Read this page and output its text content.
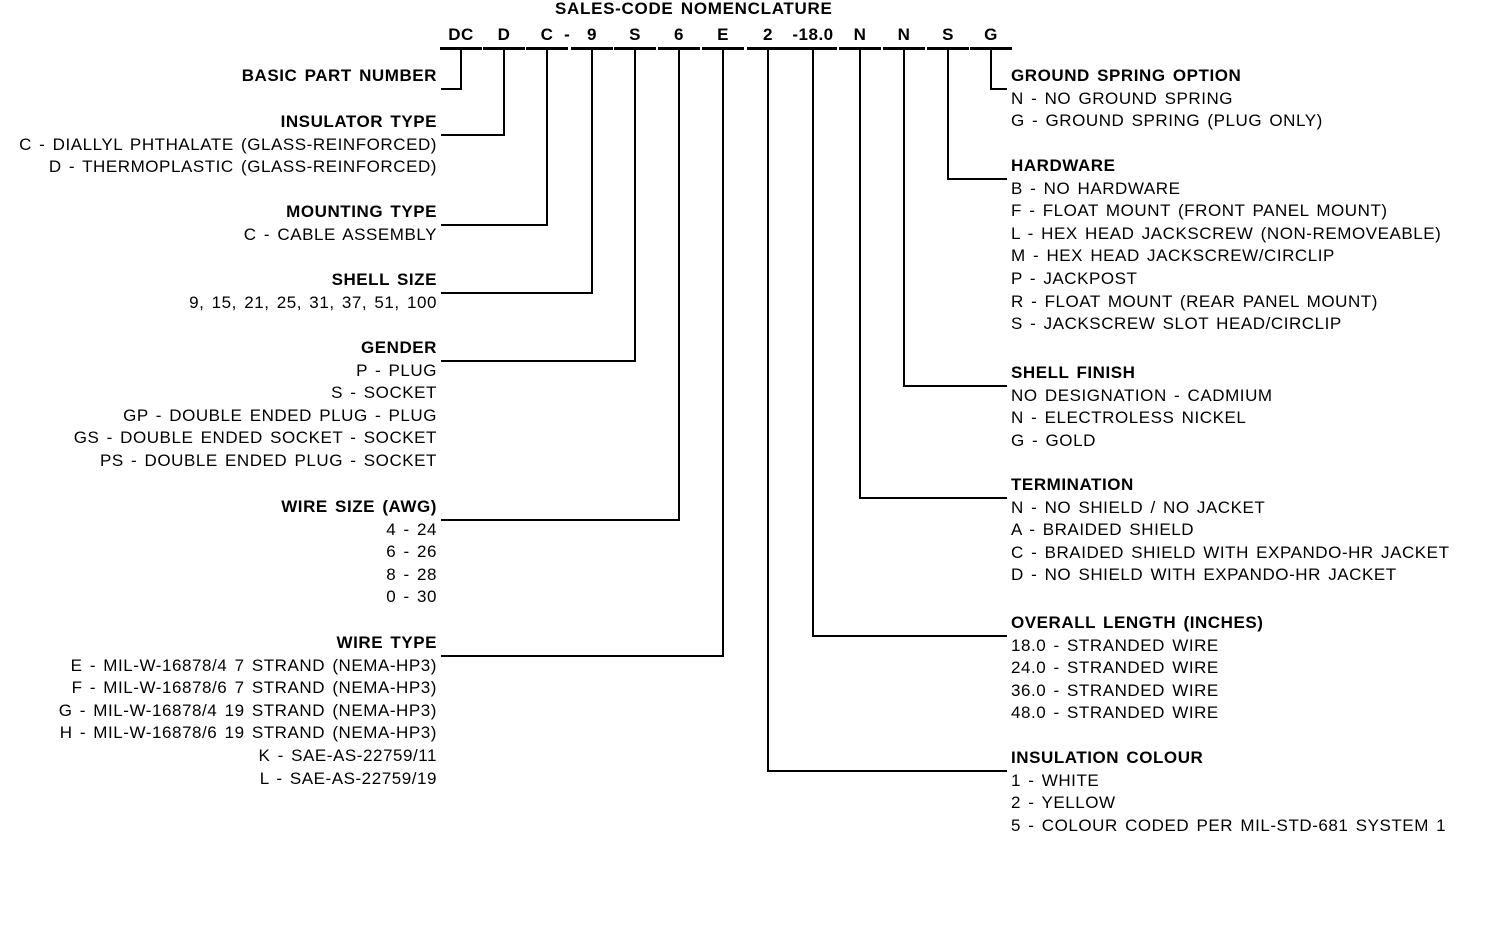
SALES-CODE NOMENCLATURE
DC	D	C -	9	S	6	E	2	-18.0	N	N	S	G
BASIC PART NUMBER
INSULATOR TYPE
C - DIALLYL PHTHALATE (GLASS-REINFORCED)
D - THERMOPLASTIC (GLASS-REINFORCED)
MOUNTING TYPE
C - CABLE ASSEMBLY
SHELL SIZE
9, 15, 21, 25, 31, 37, 51, 100
GENDER
P - PLUG
S - SOCKET
GP - DOUBLE ENDED PLUG - PLUG
GS - DOUBLE ENDED SOCKET - SOCKET
PS - DOUBLE ENDED PLUG - SOCKET
WIRE SIZE (AWG)
4 - 24
6 - 26
8 - 28
0 - 30
WIRE TYPE
E - MIL-W-16878/4 7 STRAND (NEMA-HP3)
F - MIL-W-16878/6 7 STRAND (NEMA-HP3)
G - MIL-W-16878/4 19 STRAND (NEMA-HP3)
H - MIL-W-16878/6 19 STRAND (NEMA-HP3)
K - SAE-AS-22759/11
L - SAE-AS-22759/19
GROUND SPRING OPTION
N - NO GROUND SPRING
G - GROUND SPRING (PLUG ONLY)
HARDWARE
B - NO HARDWARE
F - FLOAT MOUNT (FRONT PANEL MOUNT)
L - HEX HEAD JACKSCREW (NON-REMOVEABLE)
M - HEX HEAD JACKSCREW/CIRCLIP
P - JACKPOST
R - FLOAT MOUNT (REAR PANEL MOUNT)
S - JACKSCREW SLOT HEAD/CIRCLIP
SHELL FINISH
NO DESIGNATION - CADMIUM
N - ELECTROLESS NICKEL
G - GOLD
TERMINATION
N - NO SHIELD / NO JACKET
A - BRAIDED SHIELD
C - BRAIDED SHIELD WITH EXPANDO-HR JACKET
D - NO SHIELD WITH EXPANDO-HR JACKET
OVERALL LENGTH (INCHES)
18.0 - STRANDED WIRE
24.0 - STRANDED WIRE
36.0 - STRANDED WIRE
48.0 - STRANDED WIRE
INSULATION COLOUR
1 - WHITE
2 - YELLOW
5 - COLOUR CODED PER MIL-STD-681 SYSTEM 1
